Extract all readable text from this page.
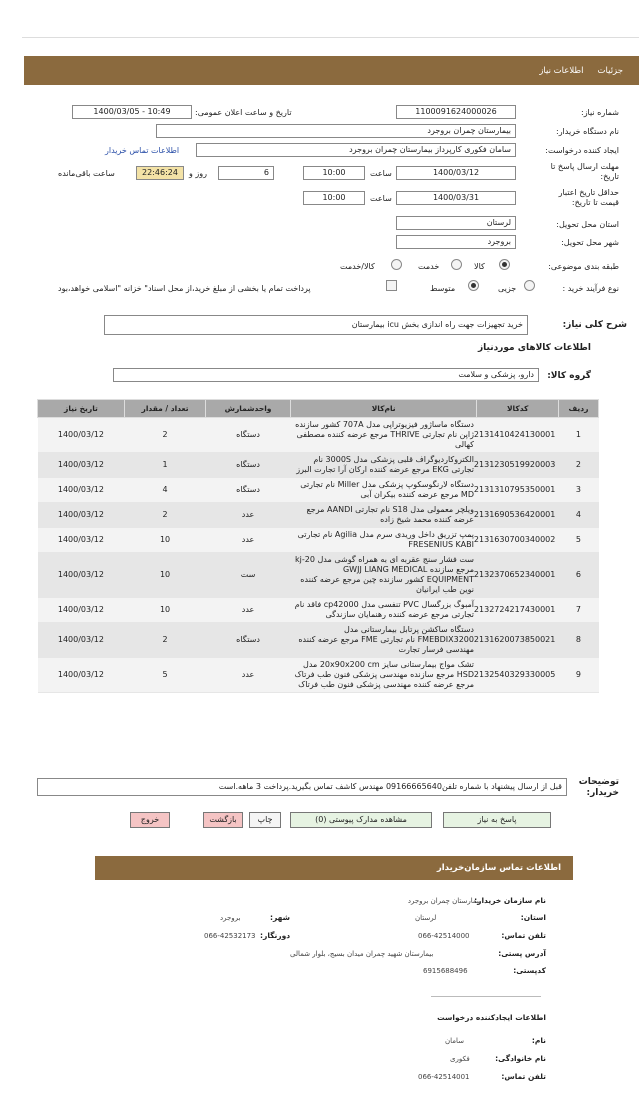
جزئیات
اطلاعات نیاز
شماره نیاز:
1100091624000026
تاریخ و ساعت اعلان عمومی:
1400/03/05 - 10:49
نام دستگاه خریدار:
بیمارستان چمران بروجرد
ایجاد کننده درخواست:
سامان فکوری کارپرداز بیمارستان چمران بروجرد
اطلاعات تماس خریدار
مهلت ارسال پاسخ تا تاریخ:
1400/03/12
ساعت
10:00
6
روز و
22:46:24
ساعت باقی‌مانده
حداقل تاریخ اعتبار قیمت تا تاریخ:
1400/03/31
ساعت
10:00
استان محل تحویل:
لرستان
شهر محل تحویل:
بروجرد
طبقه بندی موضوعی:
کالا
خدمت
کالا/خدمت
نوع فرآیند خرید :
جزیی
متوسط
پرداخت تمام یا بخشی از مبلغ خرید،از محل اسناد" خزانه "اسلامی خواهد،بود
شرح کلی نیاز:
خرید تجهیزات جهت راه اندازی بخش icu بیمارستان
اطلاعات کالاهای موردنیاز
گروه کالا:
دارو، پزشکی و سلامت
ردیف	کدکالا	نام‌کالا	واحدشمارش	تعداد / مقدار	تاریخ نیاز
1	2131410424130001	دستگاه ماساژور فیزیوتراپی مدل 707A کشور سازنده ژاپن نام تجارتی THRIVE مرجع عرضه کننده مصطفی کهالی	دستگاه	2	1400/03/12
2	2131230519920003	الکتروکاردیوگراف قلبی پزشکی مدل 3000S نام تجارتی EKG مرجع عرضه کننده ارکان آرا تجارت البرز	دستگاه	1	1400/03/12
3	2131310795350001	دستگاه لارنگوسکوپ پزشکی مدل Miller نام تجارتی MD مرجع عرضه کننده بیکران آبی	دستگاه	4	1400/03/12
4	2131690536420001	ویلچر معمولی مدل S18 نام تجارتی AANDI مرجع عرضه کننده محمد شیخ زاده	عدد	2	1400/03/12
5	2131630700340002	پمپ تزریق داخل وریدی سرم مدل Agilia نام تجارتی FRESENIUS KABI	عدد	10	1400/03/12
6	2132370652340001	ست فشار سنج عقربه ای به همراه گوشی مدل kj-20 مرجع سازنده GWJJ LIANG MEDICAL EQUIPMENT کشور سازنده چین مرجع عرضه کننده نوین طب ایرانیان	ست	10	1400/03/12
7	2132724217430001	آمبوگ بزرگسال PVC تنفسی مدل cp42000 فاقد نام تجارتی مرجع عرضه کننده رهنمایان سازندگی	عدد	10	1400/03/12
8	2131620073850021	دستگاه ساکشن پرتابل بیمارستانی مدل FMEBDIX3200 نام تجارتی FME مرجع عرضه کننده مهندسی فرسار تجارت	دستگاه	2	1400/03/12
9	2132540329330005	تشک مواج بیمارستانی سایز 20x90x200 cm مدل HSD مرجع سازنده مهندسی پزشکی فنون طب فرتاک مرجع عرضه کننده مهندسی پزشکی فنون طب فرتاک	عدد	5	1400/03/12
توضیحات خریدار:
قبل از ارسال پیشنهاد با شماره تلفن09166665640 مهندس کاشف تماس بگیرید.پرداخت 3 ماهه.است
پاسخ به نیاز
مشاهده مدارک پیوستی (0)
چاپ
بازگشت
خروج
اطلاعات تماس سازمان‌خریدار
نام سازمان خریدار:
بیمارستان چمران بروجرد
استان:
لرستان
شهر:
بروجرد
تلفن تماس:
066-42514000
دورنگار:
066-42532173
آدرس پستی:
بیمارستان شهید چمران میدان بسیج، بلوار شمالی
کدپستی:
6915688496
اطلاعات ایجادکننده درخواست
نام:
سامان
نام خانوادگی:
فکوری
تلفن تماس:
066-42514001
